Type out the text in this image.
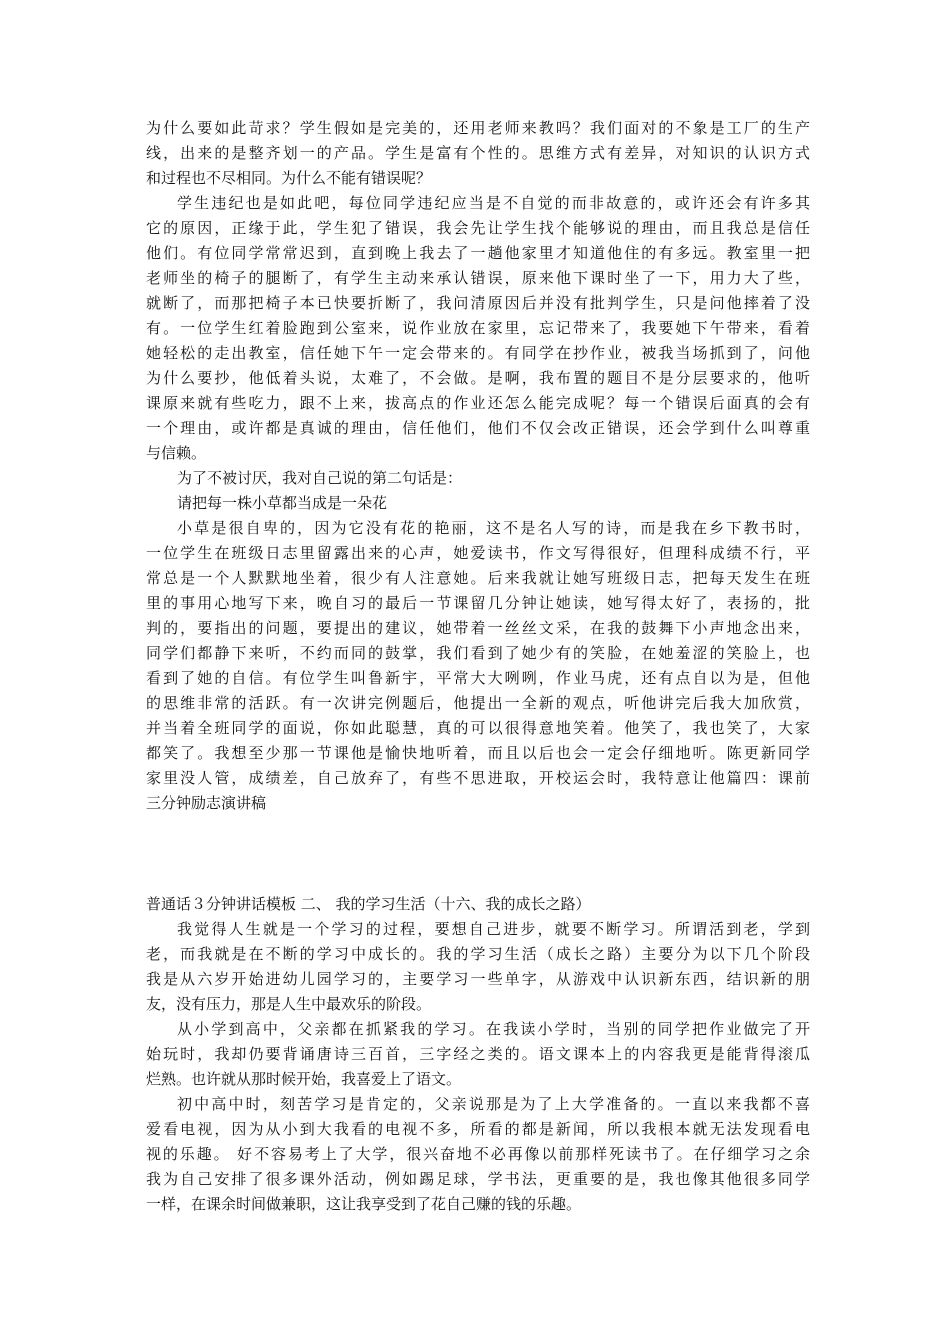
为什么要如此苛求？学生假如是完美的，还用老师来教吗？我们面对的不象是工厂的生产
线，出来的是整齐划一的产品。学生是富有个性的。思维方式有差异，对知识的认识方式
和过程也不尽相同。为什么不能有错误呢？
学生违纪也是如此吧，每位同学违纪应当是不自觉的而非故意的，或许还会有许多其
它的原因，正缘于此，学生犯了错误，我会先让学生找个能够说的理由，而且我总是信任
他们。有位同学常常迟到，直到晚上我去了一趟他家里才知道他住的有多远。教室里一把
老师坐的椅子的腿断了，有学生主动来承认错误，原来他下课时坐了一下，用力大了些，
就断了，而那把椅子本已快要折断了，我问清原因后并没有批判学生，只是问他摔着了没
有。一位学生红着脸跑到公室来，说作业放在家里，忘记带来了，我要她下午带来，看着
她轻松的走出教室，信任她下午一定会带来的。有同学在抄作业，被我当场抓到了，问他
为什么要抄，他低着头说，太难了，不会做。是啊，我布置的题目不是分层要求的，他听
课原来就有些吃力，跟不上来，拔高点的作业还怎么能完成呢？每一个错误后面真的会有
一个理由，或许都是真诚的理由，信任他们，他们不仅会改正错误，还会学到什么叫尊重
与信赖。
为了不被讨厌，我对自己说的第二句话是：
请把每一株小草都当成是一朵花
小草是很自卑的，因为它没有花的艳丽，这不是名人写的诗，而是我在乡下教书时，
一位学生在班级日志里留露出来的心声，她爱读书，作文写得很好，但理科成绩不行，平
常总是一个人默默地坐着，很少有人注意她。后来我就让她写班级日志，把每天发生在班
里的事用心地写下来，晚自习的最后一节课留几分钟让她读，她写得太好了，表扬的，批
判的，要指出的问题，要提出的建议，她带着一丝丝文采，在我的鼓舞下小声地念出来，
同学们都静下来听，不约而同的鼓掌，我们看到了她少有的笑脸，在她羞涩的笑脸上，也
看到了她的自信。有位学生叫鲁新宇，平常大大咧咧，作业马虎，还有点自以为是，但他
的思维非常的活跃。有一次讲完例题后，他提出一全新的观点，听他讲完后我大加欣赏，
并当着全班同学的面说，你如此聪慧，真的可以很得意地笑着。他笑了，我也笑了，大家
都笑了。我想至少那一节课他是愉快地听着，而且以后也会一定会仔细地听。陈更新同学
家里没人管，成绩差，自己放弃了，有些不思进取，开校运会时，我特意让他篇四：课前
三分钟励志演讲稿
普通话３分钟讲话模板 二、 我的学习生活（十六、我的成长之路）
我觉得人生就是一个学习的过程，要想自己进步，就要不断学习。所谓活到老，学到
老，而我就是在不断的学习中成长的。我的学习生活（成长之路）主要分为以下几个阶段
我是从六岁开始进幼儿园学习的，主要学习一些单字，从游戏中认识新东西，结识新的朋
友，没有压力，那是人生中最欢乐的阶段。
从小学到高中，父亲都在抓紧我的学习。在我读小学时，当别的同学把作业做完了开
始玩时，我却仍要背诵唐诗三百首，三字经之类的。语文课本上的内容我更是能背得滚瓜
烂熟。也许就从那时候开始，我喜爱上了语文。
初中高中时，刻苦学习是肯定的，父亲说那是为了上大学准备的。一直以来我都不喜
爱看电视，因为从小到大我看的电视不多，所看的都是新闻，所以我根本就无法发现看电
视的乐趣。 好不容易考上了大学，很兴奋地不必再像以前那样死读书了。在仔细学习之余
我为自己安排了很多课外活动，例如踢足球，学书法，更重要的是，我也像其他很多同学
一样，在课余时间做兼职，这让我享受到了花自己赚的钱的乐趣。
